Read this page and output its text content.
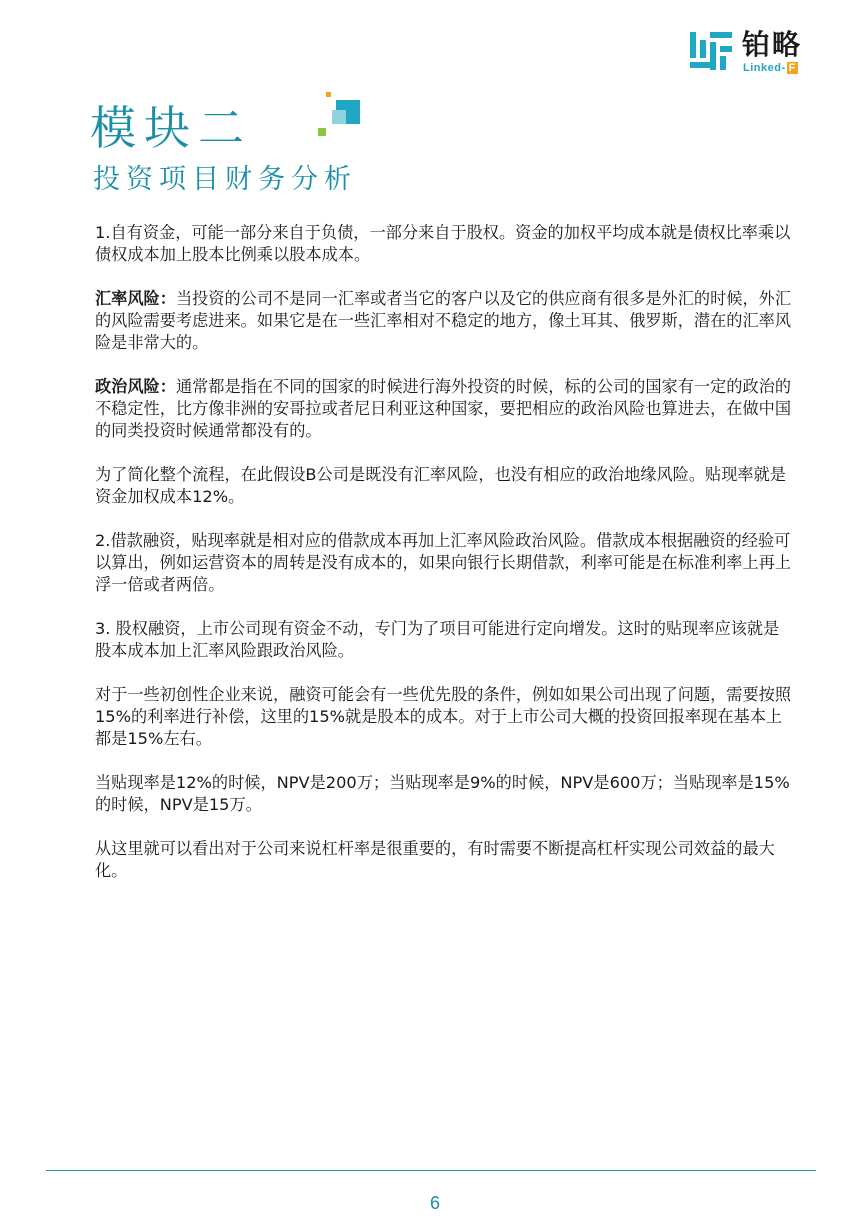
铂略
Linked- F
模块二
投资项目财务分析

1.自有资金，可能一部分来自于负债，一部分来自于股权。资金的加权平均成本就是债权比率乘以债权成本加上股本比例乘以股本成本。

汇率风险：当投资的公司不是同一汇率或者当它的客户以及它的供应商有很多是外汇的时候，外汇的风险需要考虑进来。如果它是在一些汇率相对不稳定的地方，像土耳其、俄罗斯，潜在的汇率风险是非常大的。

政治风险：通常都是指在不同的国家的时候进行海外投资的时候，标的公司的国家有一定的政治的不稳定性，比方像非洲的安哥拉或者尼日利亚这种国家，要把相应的政治风险也算进去，在做中国的同类投资时候通常都没有的。

为了简化整个流程，在此假设B公司是既没有汇率风险，也没有相应的政治地缘风险。贴现率就是资金加权成本12%。

2.借款融资，贴现率就是相对应的借款成本再加上汇率风险政治风险。借款成本根据融资的经验可以算出，例如运营资本的周转是没有成本的，如果向银行长期借款，利率可能是在标准利率上再上浮一倍或者两倍。

3. 股权融资，上市公司现有资金不动，专门为了项目可能进行定向增发。这时的贴现率应该就是股本成本加上汇率风险跟政治风险。

对于一些初创性企业来说，融资可能会有一些优先股的条件，例如如果公司出现了问题，需要按照15%的利率进行补偿，这里的15%就是股本的成本。对于上市公司大概的投资回报率现在基本上都是15%左右。

当贴现率是12%的时候，NPV是200万；当贴现率是9%的时候，NPV是600万；当贴现率是15%的时候，NPV是15万。

从这里就可以看出对于公司来说杠杆率是很重要的，有时需要不断提高杠杆实现公司效益的最大化。

6
